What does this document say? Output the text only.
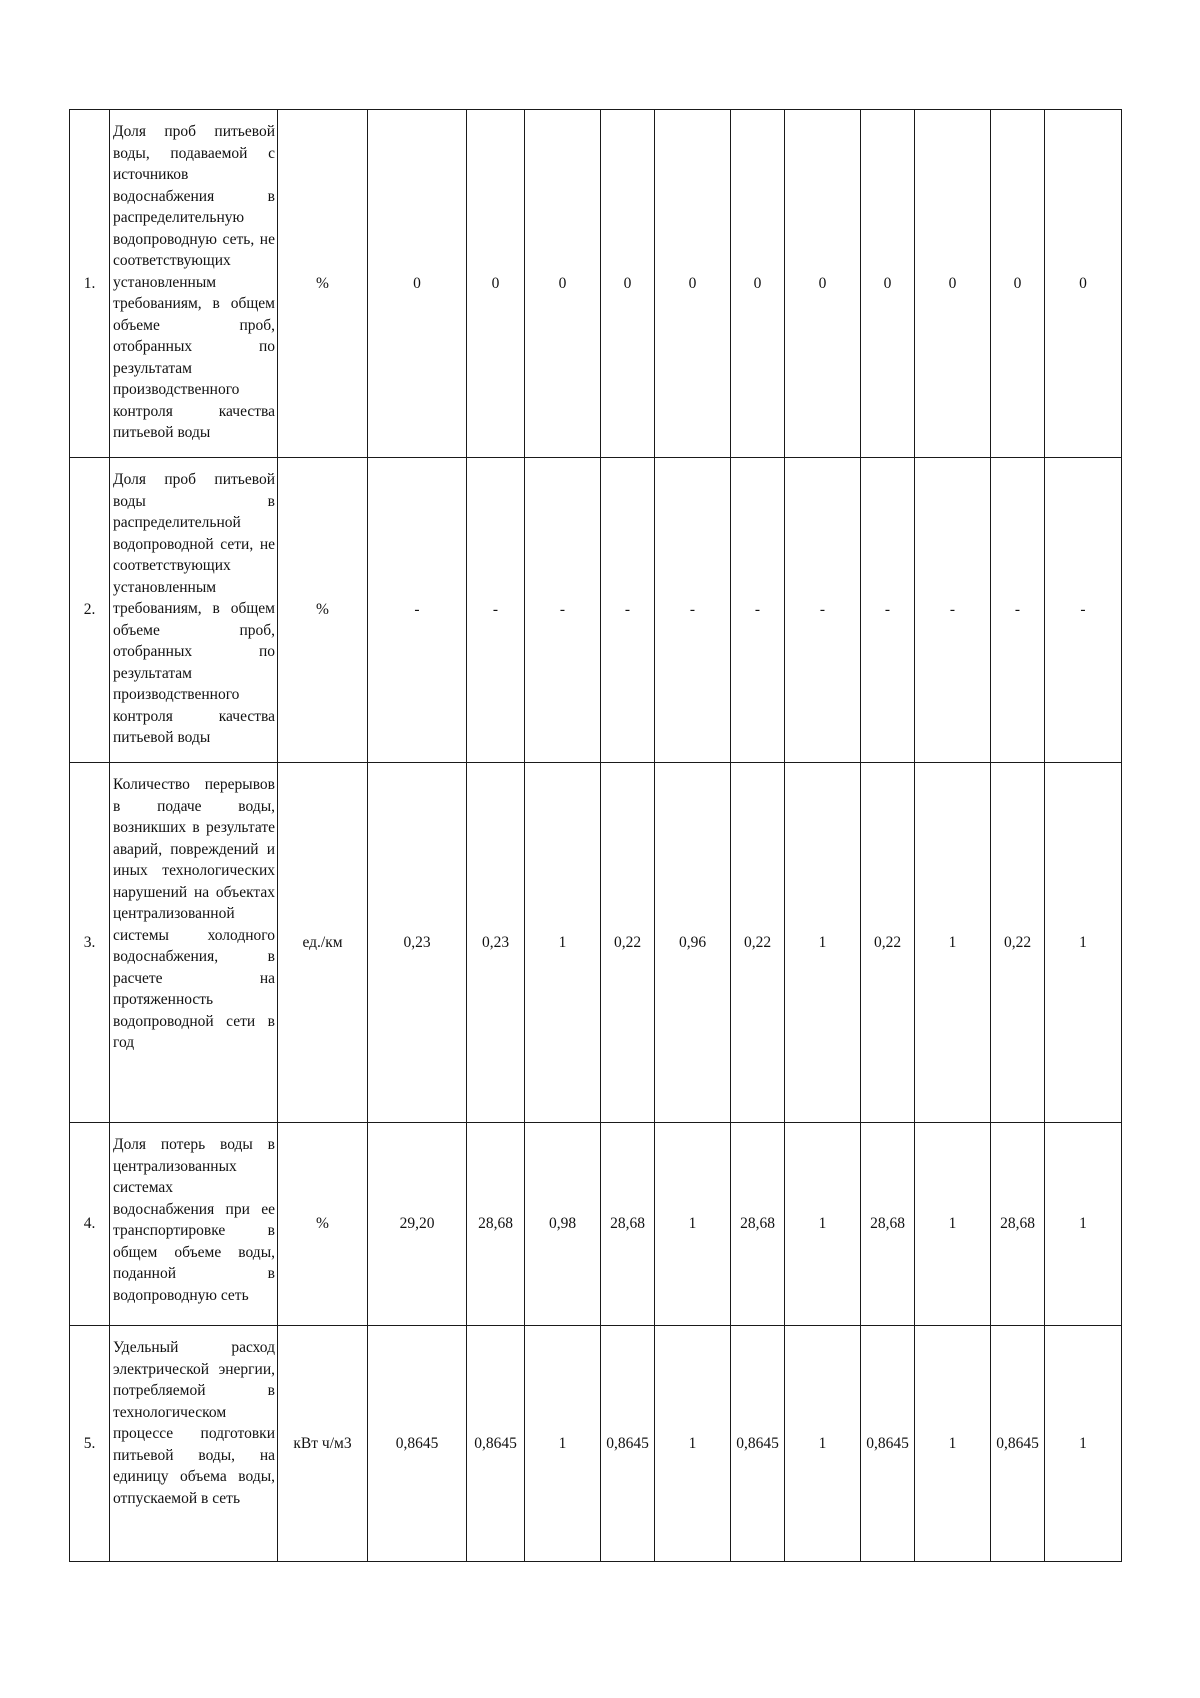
1.	Доля проб питьевой воды, подаваемой с источников водоснабжения в распределительную водопроводную сеть, не соответствующих установленным требованиям, в общем объеме проб, отобранных по результатам производственного контроля качества питьевой воды	%	0	0	0	0	0	0	0	0	0	0	0
2.	Доля проб питьевой воды в распределительной водопроводной сети, не соответствующих установленным требованиям, в общем объеме проб, отобранных по результатам производственного контроля качества питьевой воды	%	-	-	-	-	-	-	-	-	-	-	-
3.	Количество перерывов в подаче воды, возникших в результате аварий, повреждений и иных технологических нарушений на объектах централизованной системы холодного водоснабжения, в расчете на протяженность водопроводной сети в год	ед./км	0,23	0,23	1	0,22	0,96	0,22	1	0,22	1	0,22	1
4.	Доля потерь воды в централизованных системах водоснабжения при ее транспортировке в общем объеме воды, поданной в водопроводную сеть	%	29,20	28,68	0,98	28,68	1	28,68	1	28,68	1	28,68	1
5.	Удельный расход электрической энергии, потребляемой в технологическом процессе подготовки питьевой воды, на единицу объема воды, отпускаемой в сеть	кВт ч/м3	0,8645	0,8645	1	0,8645	1	0,8645	1	0,8645	1	0,8645	1
